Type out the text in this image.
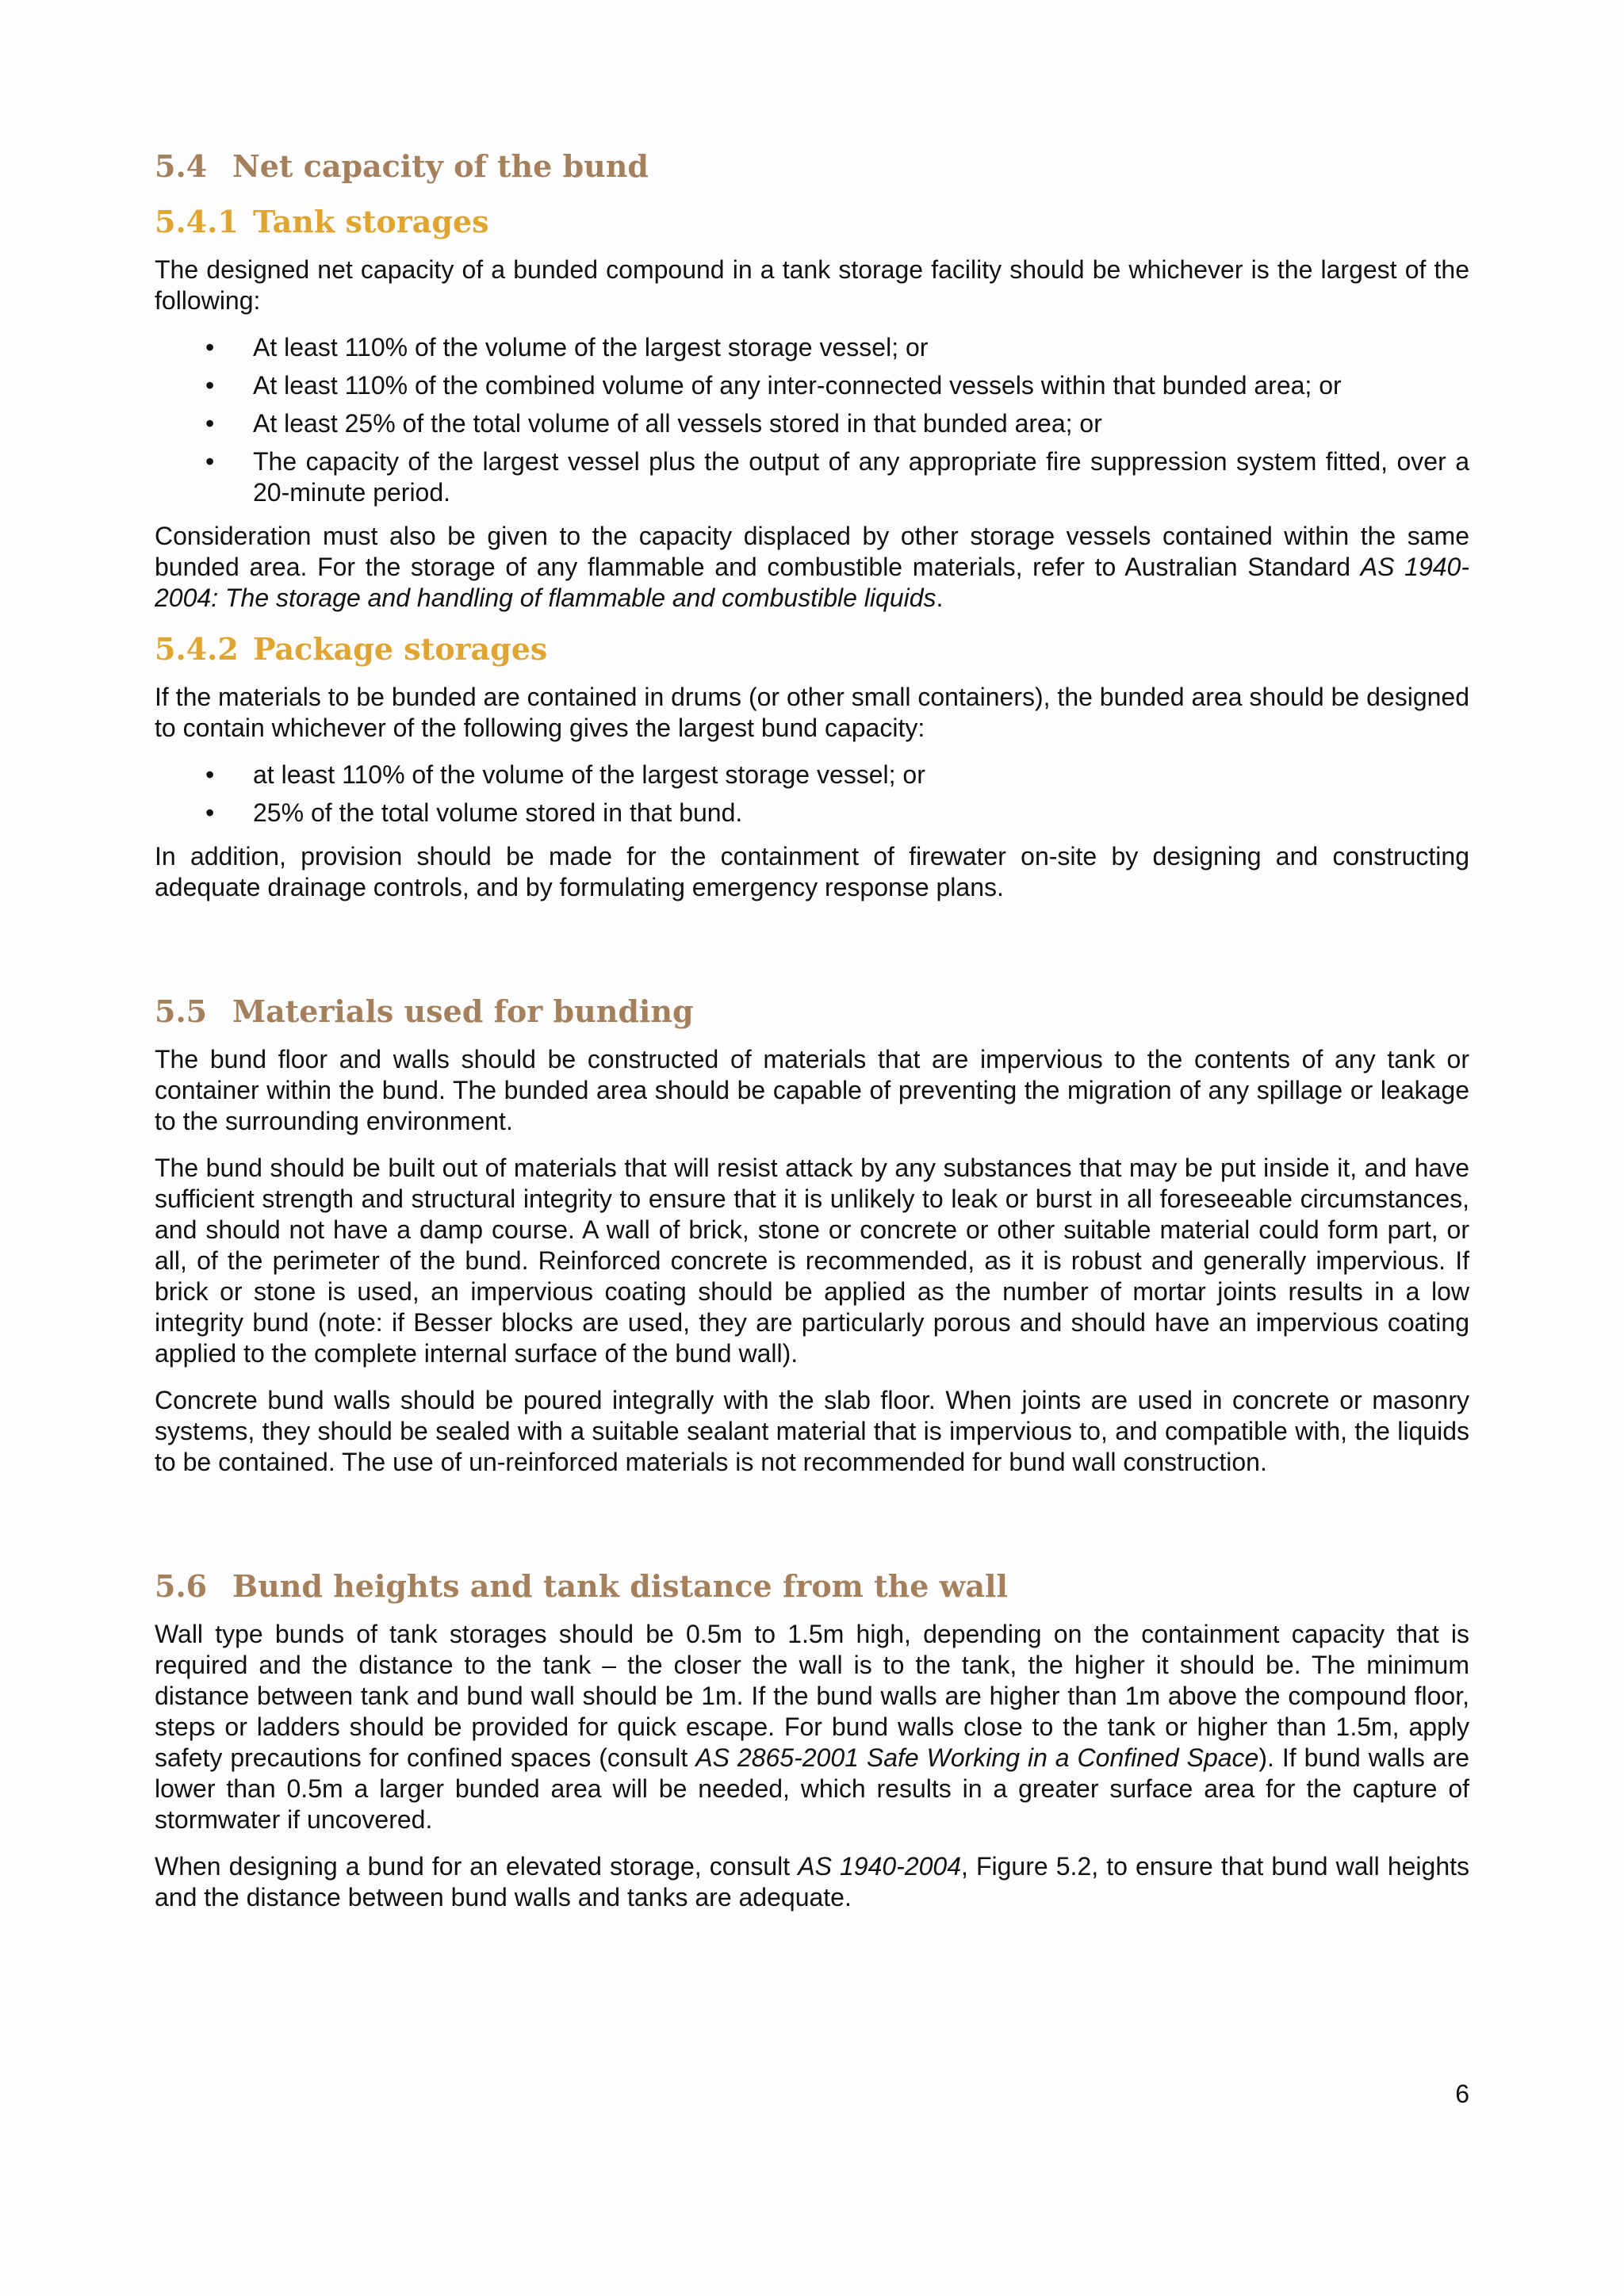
5.4 Net capacity of the bund
5.4.1 Tank storages

The designed net capacity of a bunded compound in a tank storage facility should be whichever is the largest of the following:

• At least 110% of the volume of the largest storage vessel; or
• At least 110% of the combined volume of any inter-connected vessels within that bunded area; or
• At least 25% of the total volume of all vessels stored in that bunded area; or
• The capacity of the largest vessel plus the output of any appropriate fire suppression system fitted, over a 20-minute period.

Consideration must also be given to the capacity displaced by other storage vessels contained within the same bunded area. For the storage of any flammable and combustible materials, refer to Australian Standard AS 1940-2004: The storage and handling of flammable and combustible liquids.

5.4.2 Package storages

If the materials to be bunded are contained in drums (or other small containers), the bunded area should be designed to contain whichever of the following gives the largest bund capacity:

• at least 110% of the volume of the largest storage vessel; or
• 25% of the total volume stored in that bund.

In addition, provision should be made for the containment of firewater on-site by designing and constructing adequate drainage controls, and by formulating emergency response plans.

5.5 Materials used for bunding

The bund floor and walls should be constructed of materials that are impervious to the contents of any tank or container within the bund. The bunded area should be capable of preventing the migration of any spillage or leakage to the surrounding environment.

The bund should be built out of materials that will resist attack by any substances that may be put inside it, and have sufficient strength and structural integrity to ensure that it is unlikely to leak or burst in all foreseeable circumstances, and should not have a damp course. A wall of brick, stone or concrete or other suitable material could form part, or all, of the perimeter of the bund. Reinforced concrete is recommended, as it is robust and generally impervious. If brick or stone is used, an impervious coating should be applied as the number of mortar joints results in a low integrity bund (note: if Besser blocks are used, they are particularly porous and should have an impervious coating applied to the complete internal surface of the bund wall).

Concrete bund walls should be poured integrally with the slab floor. When joints are used in concrete or masonry systems, they should be sealed with a suitable sealant material that is impervious to, and compatible with, the liquids to be contained. The use of un-reinforced materials is not recommended for bund wall construction.

5.6 Bund heights and tank distance from the wall

Wall type bunds of tank storages should be 0.5m to 1.5m high, depending on the containment capacity that is required and the distance to the tank – the closer the wall is to the tank, the higher it should be. The minimum distance between tank and bund wall should be 1m. If the bund walls are higher than 1m above the compound floor, steps or ladders should be provided for quick escape. For bund walls close to the tank or higher than 1.5m, apply safety precautions for confined spaces (consult AS 2865-2001 Safe Working in a Confined Space). If bund walls are lower than 0.5m a larger bunded area will be needed, which results in a greater surface area for the capture of stormwater if uncovered.

When designing a bund for an elevated storage, consult AS 1940-2004, Figure 5.2, to ensure that bund wall heights and the distance between bund walls and tanks are adequate.

6
